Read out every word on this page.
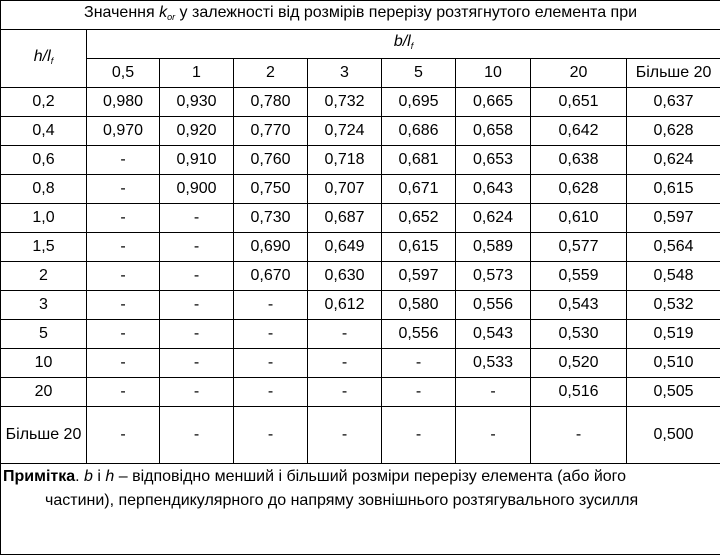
Значення kor у залежності від розмірів перерізу розтягнутого елемента при								
$h/l_f$	$b/l_f$
	0,5	1	2	3	5	10	20	Більше 20
0,2	0,980	0,930	0,780	0,732	0,695	0,665	0,651	0,637
0,4	0,970	0,920	0,770	0,724	0,686	0,658	0,642	0,628
0,6	-	0,910	0,760	0,718	0,681	0,653	0,638	0,624
0,8	-	0,900	0,750	0,707	0,671	0,643	0,628	0,615
1,0	-	-	0,730	0,687	0,652	0,624	0,610	0,597
1,5	-	-	0,690	0,649	0,615	0,589	0,577	0,564
2	-	-	0,670	0,630	0,597	0,573	0,559	0,548
3	-	-	-	0,612	0,580	0,556	0,543	0,532
5	-	-	-	-	0,556	0,543	0,530	0,519
10	-	-	-	-	-	0,533	0,520	0,510
20	-	-	-	-	-	-	0,516	0,505
Більше 20	-	-	-	-	-	-	-	0,500

Примітка. b і h – відповідно менший і більший розміри перерізу елемента (або його
частини), перпендикулярного до напряму зовнішнього розтягувального зусилля								
